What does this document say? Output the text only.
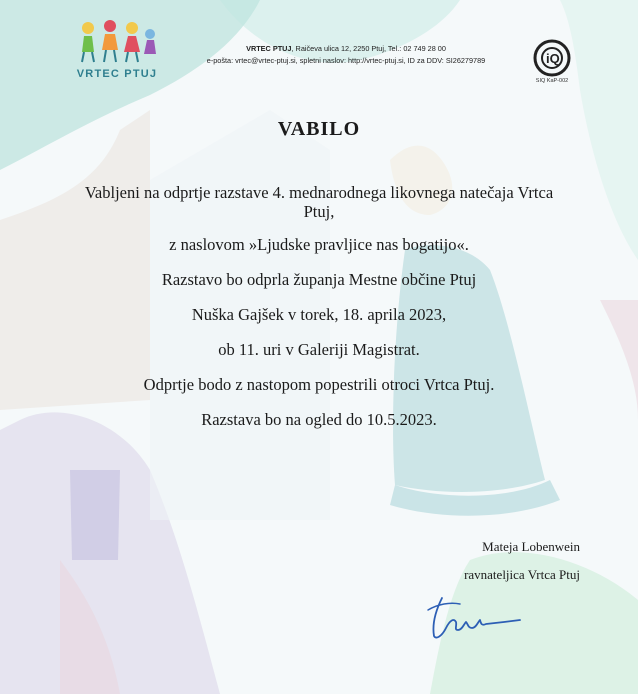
VRTEC PTUJ
VRTEC PTUJ, Raičeva ulica 12, 2250 Ptuj, Tel.: 02 749 28 00
e-pošta: vrtec@vrtec-ptuj.si, spletni naslov: http://vrtec-ptuj.si, ID za DDV: SI26279789	iQ
SIQ KaP-002
VABILO

Vabljeni na odprtje razstave 4. mednarodnega likovnega natečaja Vrtca Ptuj,

z naslovom »Ljudske pravljice nas bogatijo«.

Razstavo bo odprla županja Mestne občine Ptuj

Nuška Gajšek v torek, 18. aprila 2023,

ob 11. uri v Galeriji Magistrat.

Odprtje bodo z nastopom popestrili otroci Vrtca Ptuj.

Razstava bo na ogled do 10.5.2023.

Mateja Lobenwein
ravnateljica Vrtca Ptuj
